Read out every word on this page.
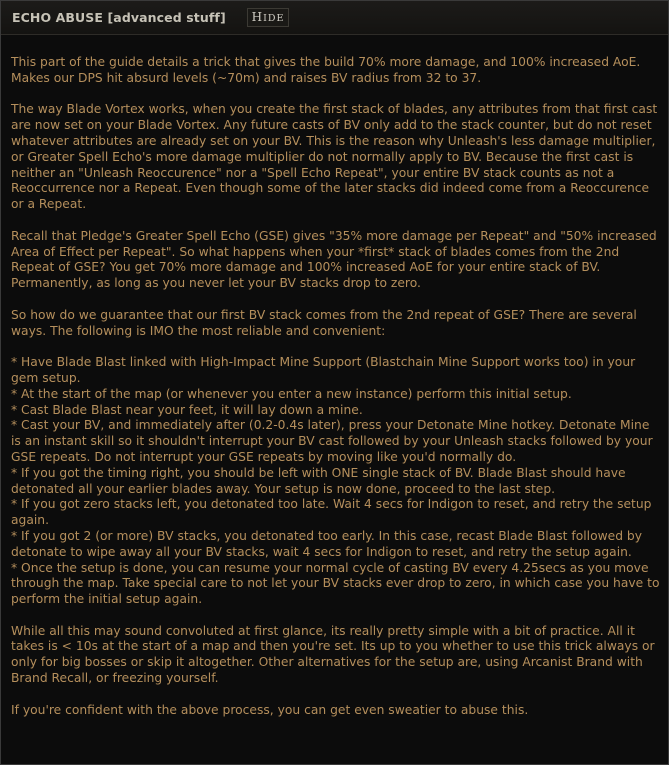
ECHO ABUSE [advanced stuff]	HIDE

This part of the guide details a trick that gives the build 70% more damage, and 100% increased AoE. Makes our DPS hit absurd levels (~70m) and raises BV radius from 32 to 37.

The way Blade Vortex works, when you create the first stack of blades, any attributes from that first cast are now set on your Blade Vortex. Any future casts of BV only add to the stack counter, but do not reset whatever attributes are already set on your BV. This is the reason why Unleash's less damage multiplier, or Greater Spell Echo's more damage multiplier do not normally apply to BV. Because the first cast is neither an "Unleash Reoccurence" nor a "Spell Echo Repeat", your entire BV stack counts as not a Reoccurrence nor a Repeat. Even though some of the later stacks did indeed come from a Reoccurence or a Repeat.

Recall that Pledge's Greater Spell Echo (GSE) gives "35% more damage per Repeat" and "50% increased Area of Effect per Repeat". So what happens when your *first* stack of blades comes from the 2nd Repeat of GSE? You get 70% more damage and 100% increased AoE for your entire stack of BV. Permanently, as long as you never let your BV stacks drop to zero.

So how do we guarantee that our first BV stack comes from the 2nd repeat of GSE? There are several ways. The following is IMO the most reliable and convenient:

* Have Blade Blast linked with High-Impact Mine Support (Blastchain Mine Support works too) in your gem setup.
* At the start of the map (or whenever you enter a new instance) perform this initial setup.
* Cast Blade Blast near your feet, it will lay down a mine.
* Cast your BV, and immediately after (0.2-0.4s later), press your Detonate Mine hotkey. Detonate Mine is an instant skill so it shouldn't interrupt your BV cast followed by your Unleash stacks followed by your GSE repeats. Do not interrupt your GSE repeats by moving like you'd normally do.
* If you got the timing right, you should be left with ONE single stack of BV. Blade Blast should have detonated all your earlier blades away. Your setup is now done, proceed to the last step.
* If you got zero stacks left, you detonated too late. Wait 4 secs for Indigon to reset, and retry the setup again.
* If you got 2 (or more) BV stacks, you detonated too early. In this case, recast Blade Blast followed by detonate to wipe away all your BV stacks, wait 4 secs for Indigon to reset, and retry the setup again.
* Once the setup is done, you can resume your normal cycle of casting BV every 4.25secs as you move through the map. Take special care to not let your BV stacks ever drop to zero, in which case you have to perform the initial setup again.

While all this may sound convoluted at first glance, its really pretty simple with a bit of practice. All it takes is < 10s at the start of a map and then you're set. Its up to you whether to use this trick always or only for big bosses or skip it altogether. Other alternatives for the setup are, using Arcanist Brand with Brand Recall, or freezing yourself.

If you're confident with the above process, you can get even sweatier to abuse this.
